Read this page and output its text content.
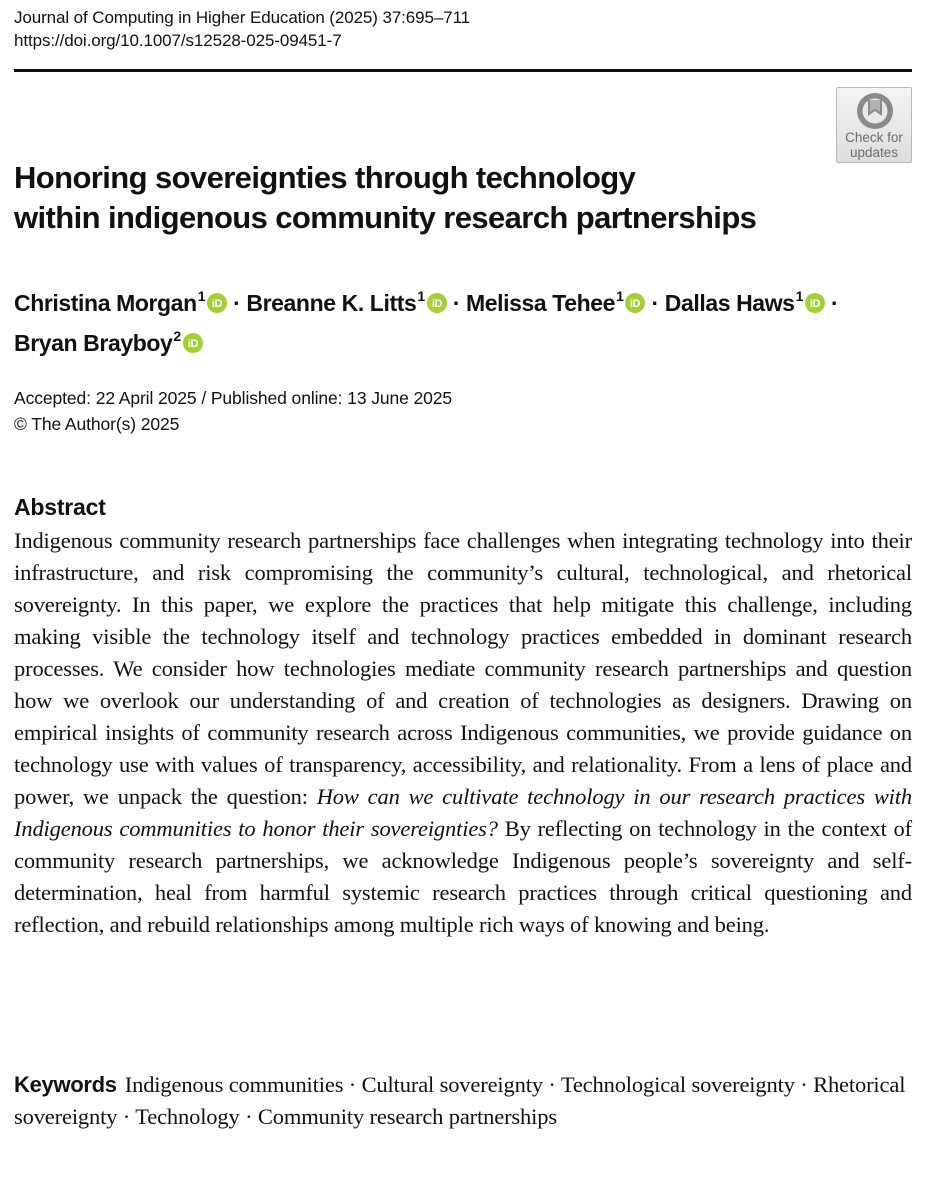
Journal of Computing in Higher Education (2025) 37:695–711
https://doi.org/10.1007/s12528-025-09451-7
Check for
updates
Honoring sovereignties through technology
within indigenous community research partnerships
Christina Morgan$^1$ iD · Breanne K. Litts$^1$ iD · Melissa Tehee$^1$ iD · Dallas Haws$^1$ iD ·
Bryan Brayboy$^2$ iD
Accepted: 22 April 2025 / Published online: 13 June 2025
© The Author(s) 2025
Abstract

Indigenous community research partnerships face challenges when integrating technology into their infrastructure, and risk compromising the community’s cultural, technological, and rhetorical sovereignty. In this paper, we explore the practices that help mitigate this challenge, including making visible the technology itself and technology practices embedded in dominant research processes. We consider how technologies mediate community research partnerships and question how we overlook our understanding of and creation of technologies as designers. Drawing on empirical insights of community research across Indigenous communities, we provide guidance on technology use with values of transparency, accessibility, and relationality. From a lens of place and power, we unpack the question: How can we cultivate technology in our research practices with Indigenous communities to honor their sovereignties? By reflecting on technology in the context of community research partnerships, we acknowledge Indigenous people’s sovereignty and self-determination, heal from harmful systemic research practices through critical questioning and reflection, and rebuild relationships among multiple rich ways of knowing and being.

Keywords Indigenous communities · Cultural sovereignty · Technological sovereignty · Rhetorical sovereignty · Technology · Community research partnerships
